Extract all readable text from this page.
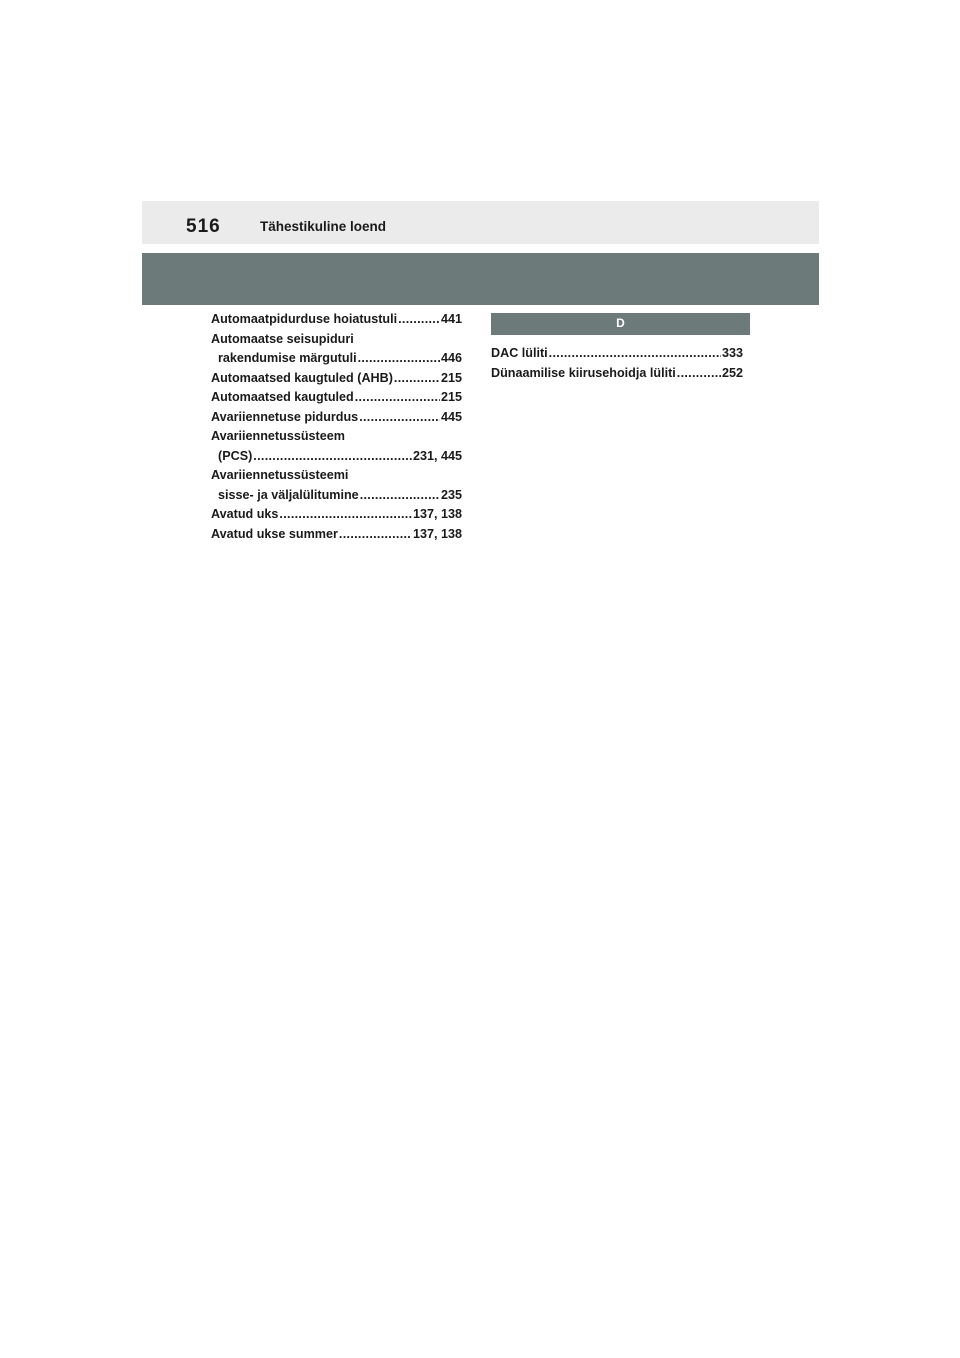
516	Tähestikuline loend
Automaatpidurduse hoiatustuli .....	441
Automaatse seisupiduri
rakendumise märgutuli .....	446
Automaatsed kaugtuled (AHB) .....	215
Automaatsed kaugtuled .....	215
Avariiennetuse pidurdus .....	445
Avariiennetussüsteem
(PCS) .....	231, 445
Avariiennetussüsteemi
sisse- ja väljalülitumine .....	235
Avatud uks .....	137, 138
Avatud ukse summer .....	137, 138
D
DAC lüliti .....	333
Dünaamilise kiirusehoidja lüliti .....	252
